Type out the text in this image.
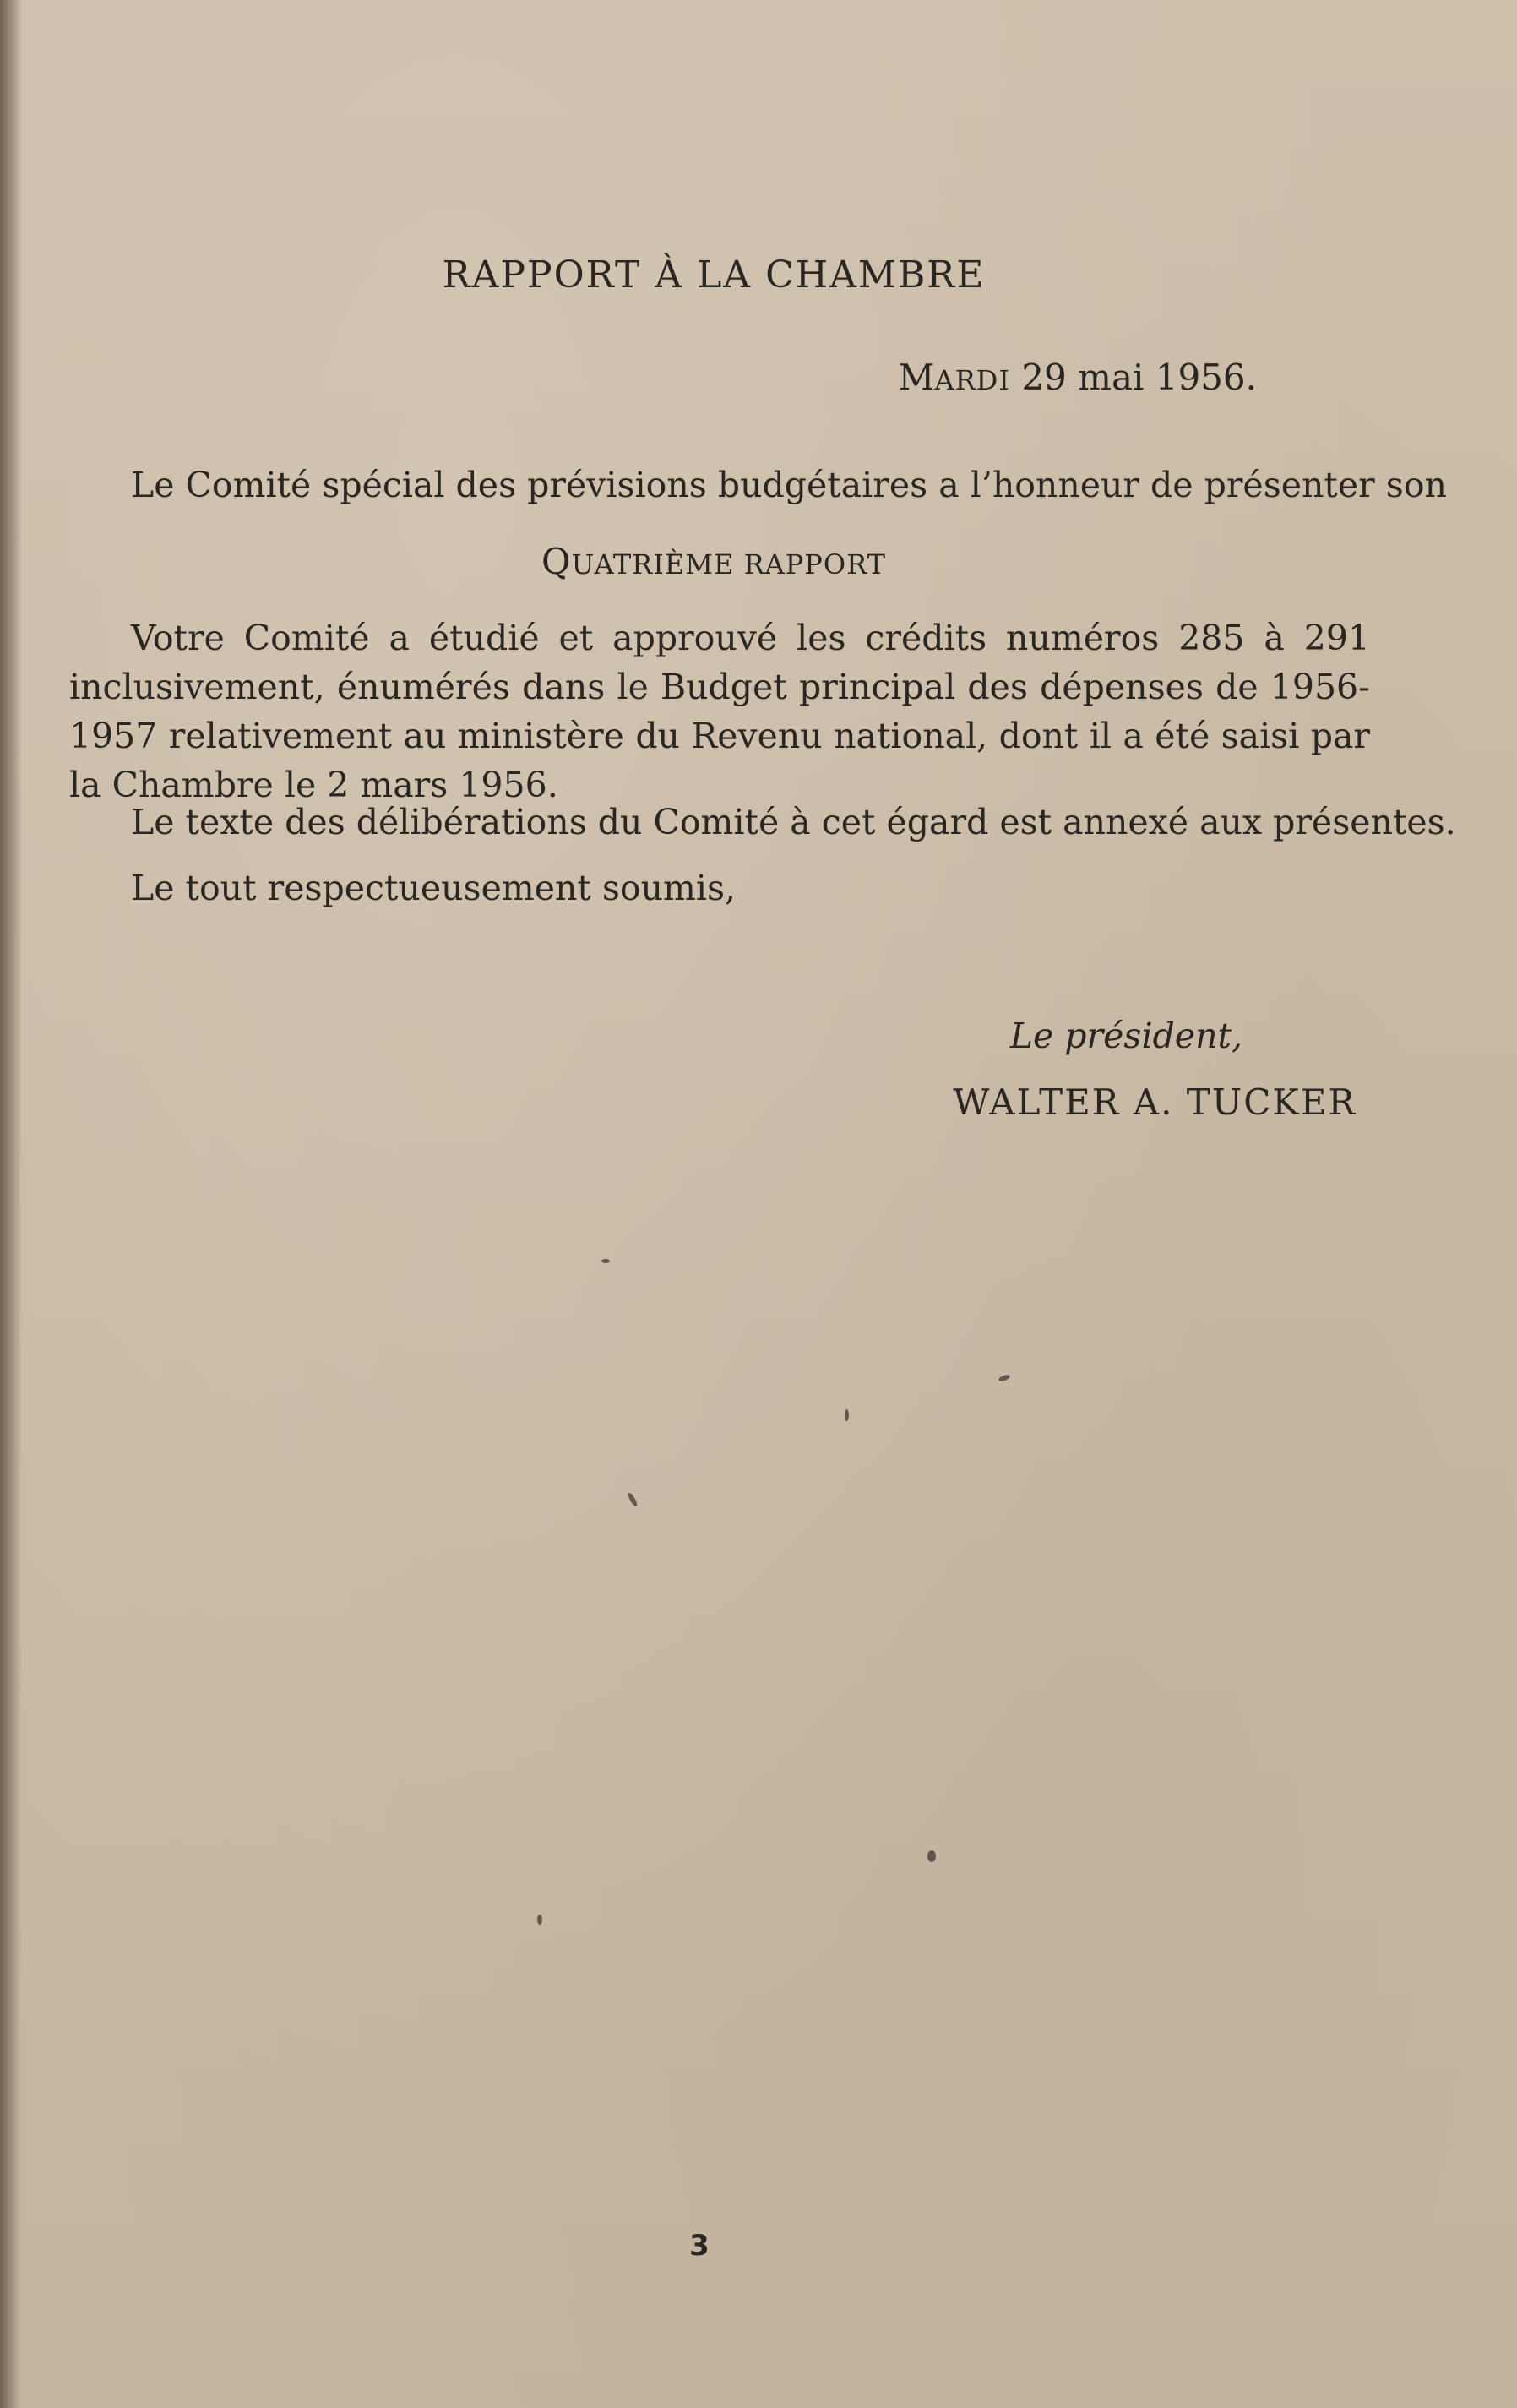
RAPPORT À LA CHAMBRE
MARDI 29 mai 1956.
Le Comité spécial des prévisions budgétaires a l’honneur de présenter son
QUATRIÈME RAPPORT
Votre Comité a étudié et approuvé les crédits numéros 285 à 291 inclusivement, énumérés dans le Budget principal des dépenses de 1956-1957 relativement au ministère du Revenu national, dont il a été saisi par la Chambre le 2 mars 1956.
Le texte des délibérations du Comité à cet égard est annexé aux présentes.
Le tout respectueusement soumis,
Le président,
WALTER A. TUCKER
3
